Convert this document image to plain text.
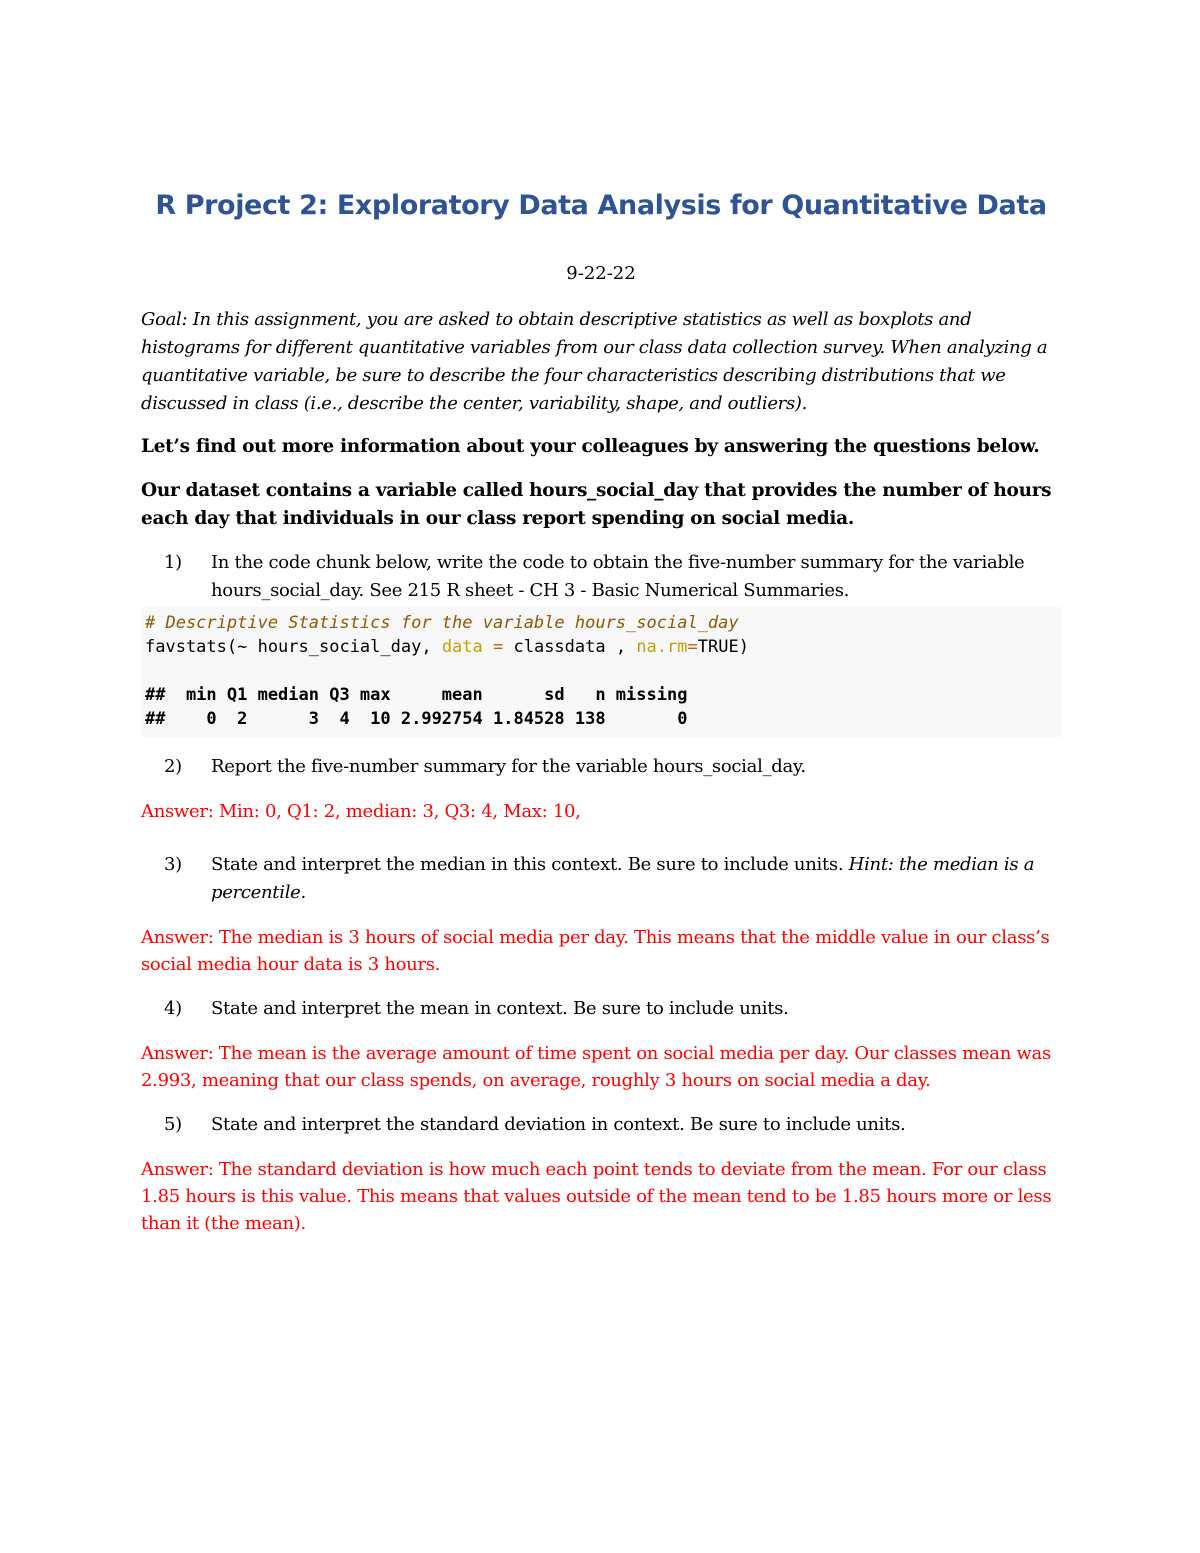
R Project 2: Exploratory Data Analysis for Quantitative Data
9-22-22
Goal: In this assignment, you are asked to obtain descriptive statistics as well as boxplots and histograms for different quantitative variables from our class data collection survey. When analyzing a quantitative variable, be sure to describe the four characteristics describing distributions that we discussed in class (i.e., describe the center, variability, shape, and outliers).
Let’s find out more information about your colleagues by answering the questions below.
Our dataset contains a variable called hours_social_day that provides the number of hours each day that individuals in our class report spending on social media.
1)	In the code chunk below, write the code to obtain the five-number summary for the variable hours_social_day. See 215 R sheet - CH 3 - Basic Numerical Summaries.
# Descriptive Statistics for the variable hours_social_day
favstats(~ hours_social_day, data = classdata , na.rm=TRUE)

##  min Q1 median Q3 max     mean      sd   n missing
##    0  2      3  4  10 2.992754 1.84528 138       0
2)	Report the five-number summary for the variable hours_social_day.
Answer: Min: 0, Q1: 2, median: 3, Q3: 4, Max: 10,
3)	State and interpret the median in this context. Be sure to include units. Hint: the median is a percentile.
Answer: The median is 3 hours of social media per day. This means that the middle value in our class’s social media hour data is 3 hours.
4)	State and interpret the mean in context. Be sure to include units.
Answer: The mean is the average amount of time spent on social media per day. Our classes mean was 2.993, meaning that our class spends, on average, roughly 3 hours on social media a day.
5)	State and interpret the standard deviation in context. Be sure to include units.
Answer: The standard deviation is how much each point tends to deviate from the mean. For our class 1.85 hours is this value. This means that values outside of the mean tend to be 1.85 hours more or less than it (the mean).
